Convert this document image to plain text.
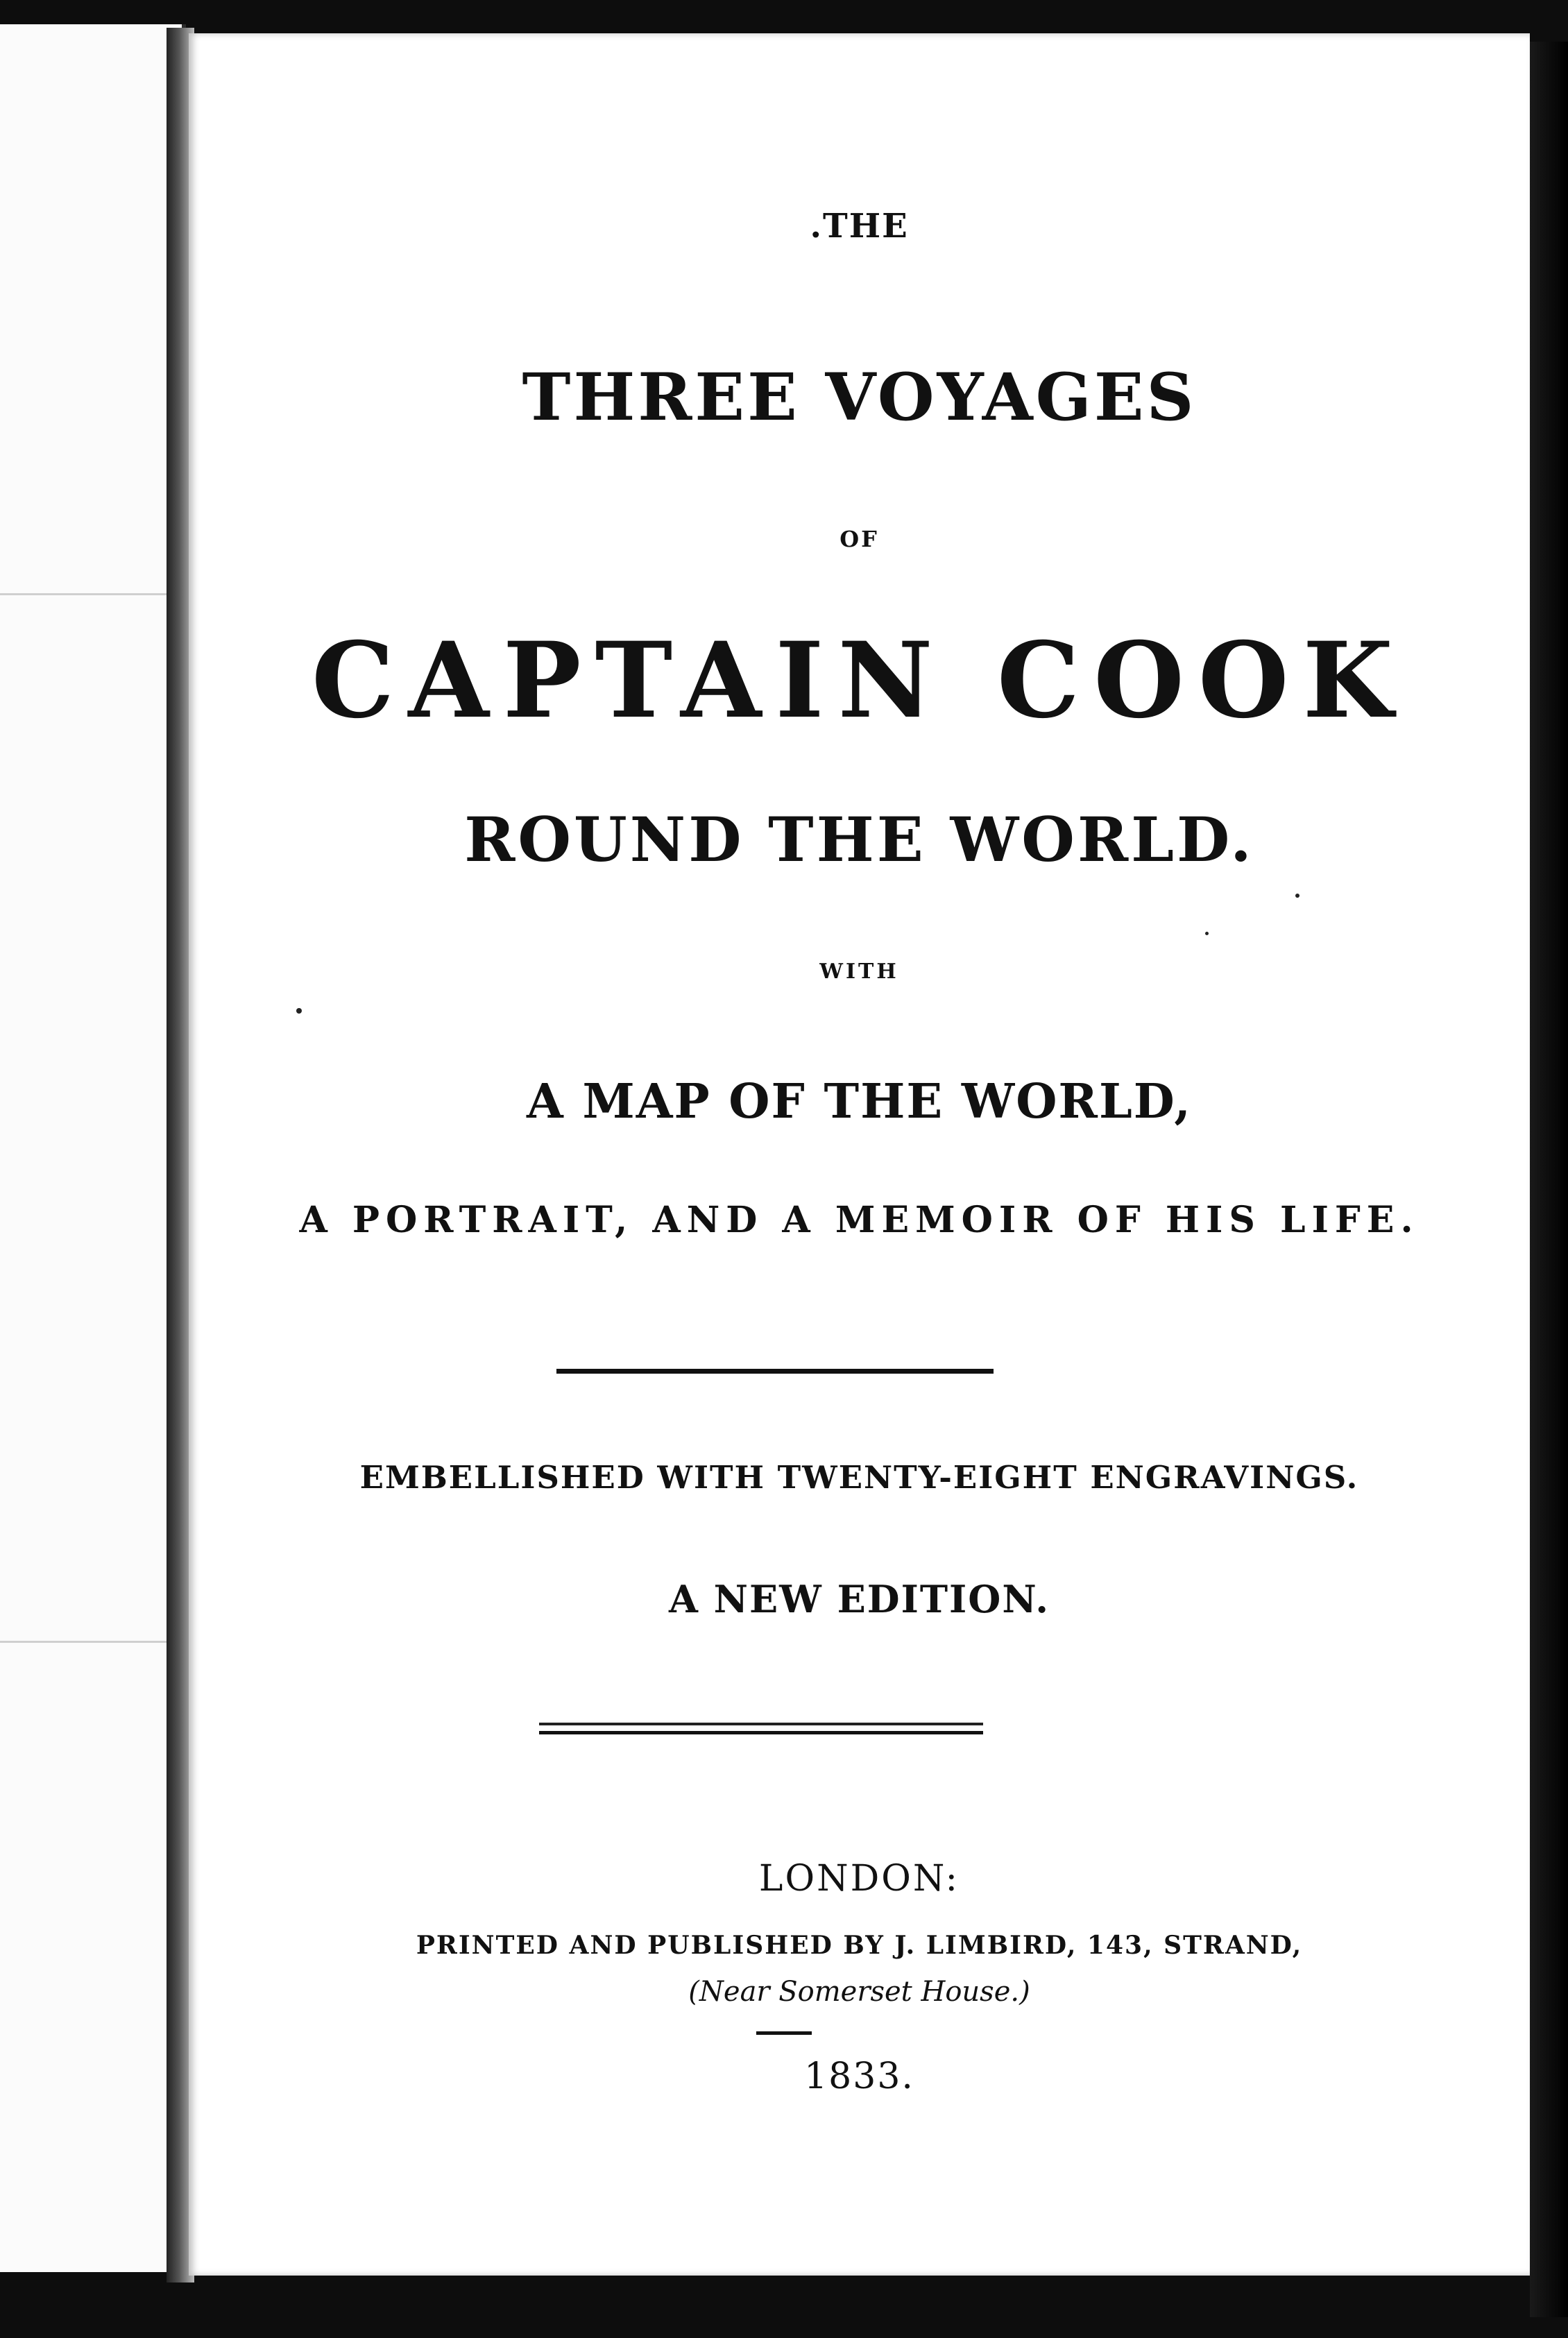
.THE
THREE VOYAGES
OF
CAPTAIN COOK
ROUND THE WORLD.
WITH
A MAP OF THE WORLD,
A PORTRAIT, AND A MEMOIR OF HIS LIFE.
EMBELLISHED WITH TWENTY-EIGHT ENGRAVINGS.
A NEW EDITION.
LONDON:
PRINTED AND PUBLISHED BY J. LIMBIRD, 143, STRAND,
(Near Somerset House.)
1833.
